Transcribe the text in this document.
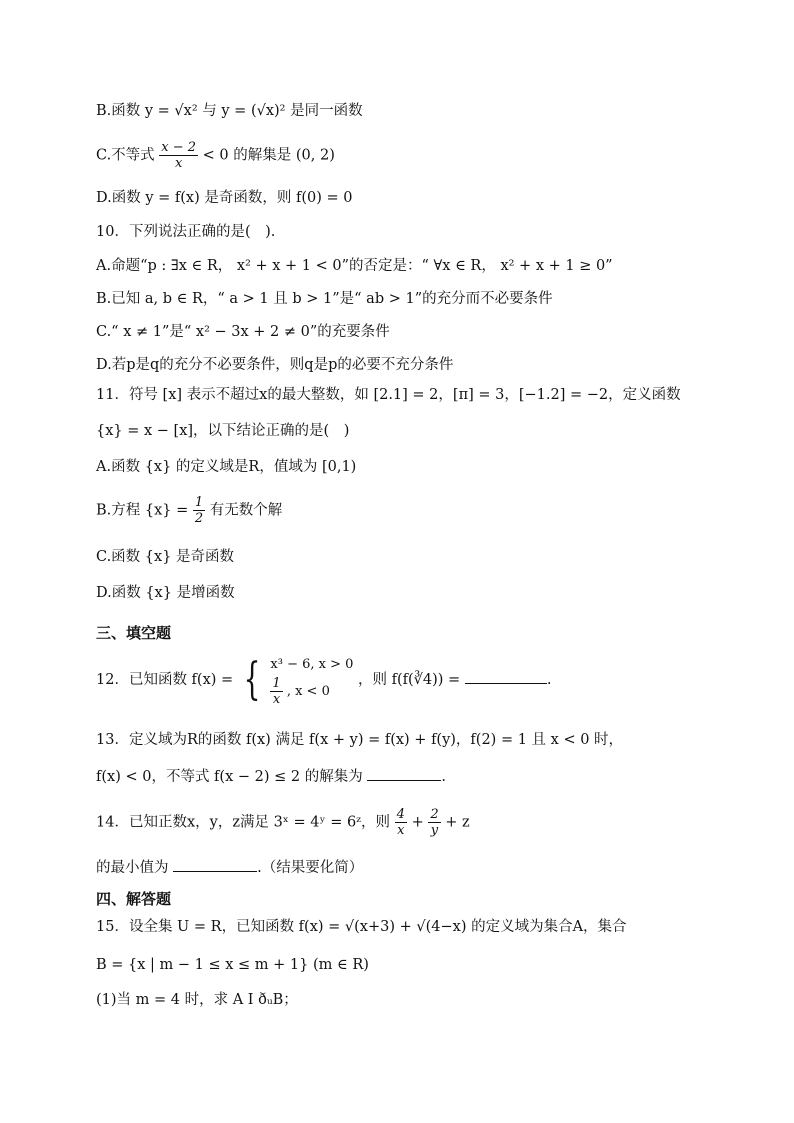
B.函数 y = √x² 与 y = (√x)² 是同一函数
C.不等式 $\frac{x - 2}{x} < 0$ 的解集是 (0, 2)
D.函数 y = f(x) 是奇函数，则 f(0) = 0
10．下列说法正确的是(　).
A.命题“p : ∃x ∈ R， x² + x + 1 < 0”的否定是：“ ∀x ∈ R， x² + x + 1 ≥ 0”
B.已知 a, b ∈ R，“ a > 1 且 b > 1”是“ ab > 1”的充分而不必要条件
C.“ x ≠ 1”是“ x² − 3x + 2 ≠ 0”的充要条件
D.若p是q的充分不必要条件，则q是p的必要不充分条件
11．符号 [x] 表示不超过x的最大整数，如 [2.1] = 2，[π] = 3，[−1.2] = −2，定义函数
{x} = x − [x]，以下结论正确的是(　)
A.函数 {x} 的定义域是R，值域为 [0,1)
B.方程 $\{x\} = \frac{1}{2}$ 有无数个解
C.函数 {x} 是奇函数
D.函数 {x} 是增函数
三、填空题
12．已知函数 f(x) = { x³ − 6, x > 0
$\frac{1}{x}$ , x < 0
，则 f(f(∛4)) =	.
13．定义域为R的函数 f(x) 满足 f(x + y) = f(x) + f(y)，f(2) = 1 且 x < 0 时，
f(x) < 0，不等式 f(x − 2) ≤ 2 的解集为	.
14．已知正数x，y，z满足 3ˣ = 4ʸ = 6ᶻ，则 $\frac{4}{x} + \frac{2}{y} + z$
的最小值为	.（结果要化简）
四、解答题
15．设全集 U = R，已知函数 f(x) = √(x+3) + √(4−x) 的定义域为集合A，集合
B = {x | m − 1 ≤ x ≤ m + 1} (m ∈ R)
(1)当 m = 4 时，求 A I ðᵤB；
